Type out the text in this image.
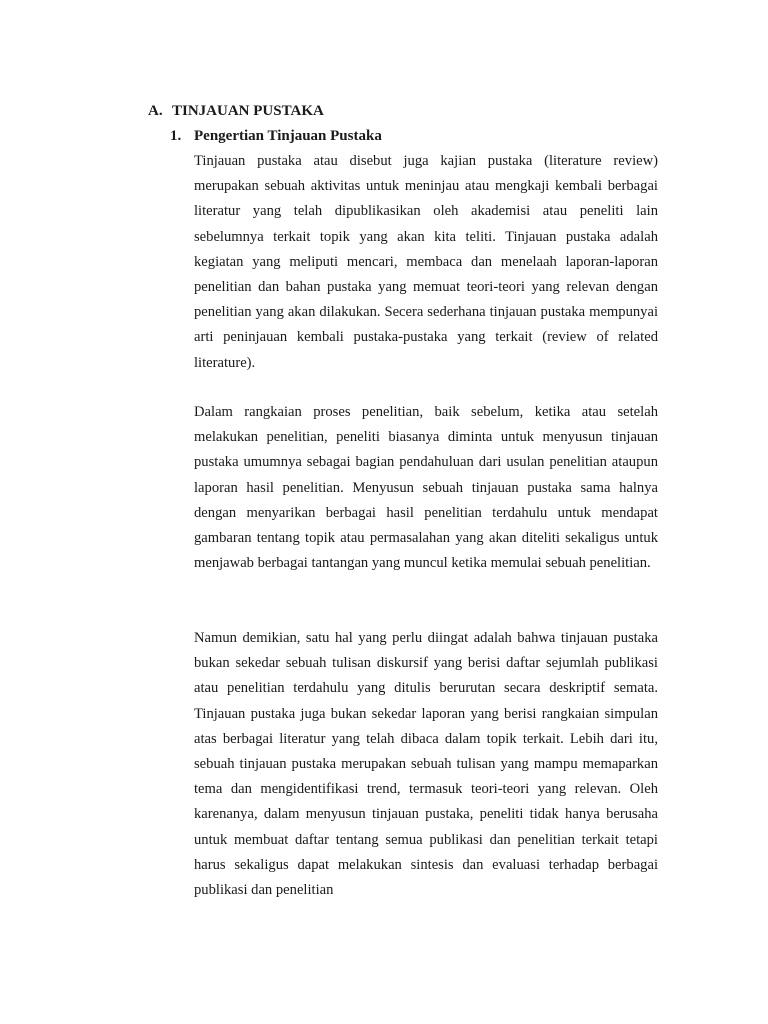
A. TINJAUAN PUSTAKA
1. Pengertian Tinjauan Pustaka
Tinjauan pustaka atau disebut juga kajian pustaka (literature review) merupakan sebuah aktivitas untuk meninjau atau mengkaji kembali berbagai literatur yang telah dipublikasikan oleh akademisi atau peneliti lain sebelumnya terkait topik yang akan kita teliti. Tinjauan pustaka adalah kegiatan yang meliputi mencari, membaca dan menelaah laporan-laporan penelitian dan bahan pustaka yang memuat teori-teori yang relevan dengan penelitian yang akan dilakukan. Secera sederhana tinjauan pustaka mempunyai arti peninjauan kembali pustaka-pustaka yang terkait (review of related literature).
Dalam rangkaian proses penelitian, baik sebelum, ketika atau setelah melakukan penelitian, peneliti biasanya diminta untuk menyusun tinjauan pustaka umumnya sebagai bagian pendahuluan dari usulan penelitian ataupun laporan hasil penelitian. Menyusun sebuah tinjauan pustaka sama halnya dengan menyarikan berbagai hasil penelitian terdahulu untuk mendapat gambaran tentang topik atau permasalahan yang akan diteliti sekaligus untuk menjawab berbagai tantangan yang muncul ketika memulai sebuah penelitian.
Namun demikian, satu hal yang perlu diingat adalah bahwa tinjauan pustaka bukan sekedar sebuah tulisan diskursif yang berisi daftar sejumlah publikasi atau penelitian terdahulu yang ditulis berurutan secara deskriptif semata. Tinjauan pustaka juga bukan sekedar laporan yang berisi rangkaian simpulan atas berbagai literatur yang telah dibaca dalam topik terkait. Lebih dari itu, sebuah tinjauan pustaka merupakan sebuah tulisan yang mampu memaparkan tema dan mengidentifikasi trend, termasuk teori-teori yang relevan. Oleh karenanya, dalam menyusun tinjauan pustaka, peneliti tidak hanya berusaha untuk membuat daftar tentang semua publikasi dan penelitian terkait tetapi harus sekaligus dapat melakukan sintesis dan evaluasi terhadap berbagai publikasi dan penelitian
